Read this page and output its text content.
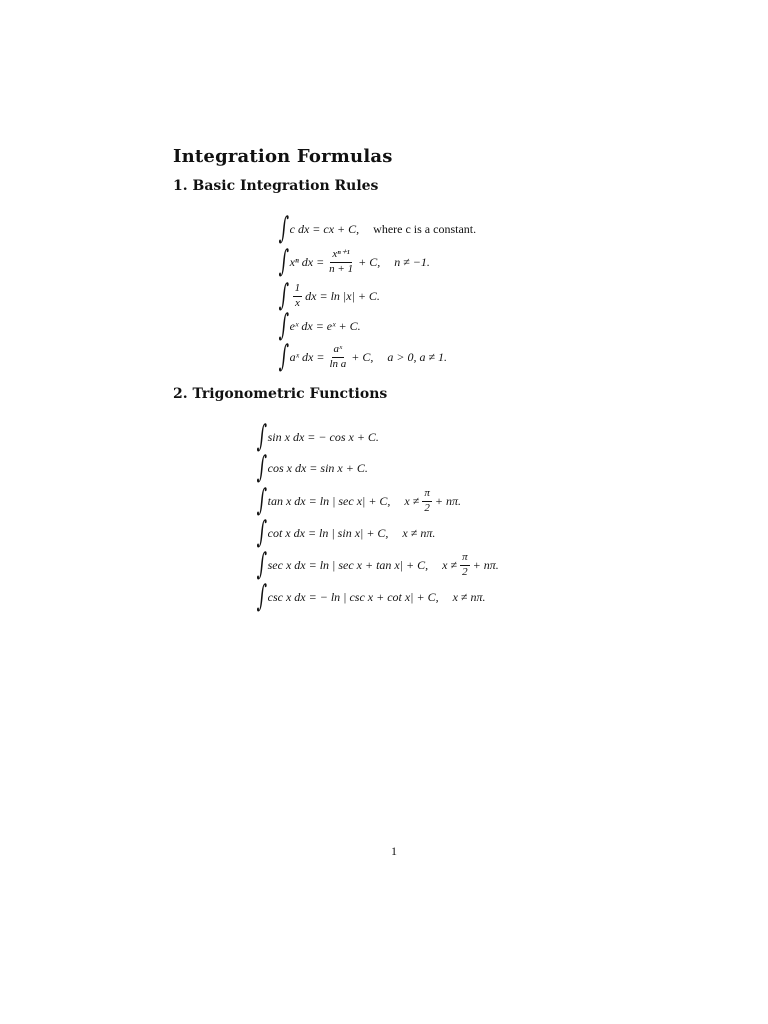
Integration Formulas
1. Basic Integration Rules
∫ c dx
= cx + C, where c is a constant.
∫ xⁿ dx = $\frac{\text{xⁿ⁺¹}}{n + 1} + C$, n ≠ −1.
∫ $\frac{1}{x}$ dx = ln |x| + C.
∫ eˣ dx
= eˣ + C.
∫ aˣ dx = $\frac{\text{aˣ}}{\text{ln a}} + C$, a > 0, a ≠ 1.
2. Trigonometric Functions
∫ sin x dx
= − cos x + C.
∫ cos x dx
= sin x + C.
∫ tan x dx
= ln | sec x| + C, $x \ne \frac{\pi}{2} + n\pi$.
∫ cot x dx
= ln | sin x| + C, x ≠ nπ.
∫ sec x dx
= ln | sec x + tan x| + C, $x \ne \frac{\pi}{2} + n\pi$.
∫ csc x dx
= − ln | csc x + cot x| + C, x ≠ nπ.

1
